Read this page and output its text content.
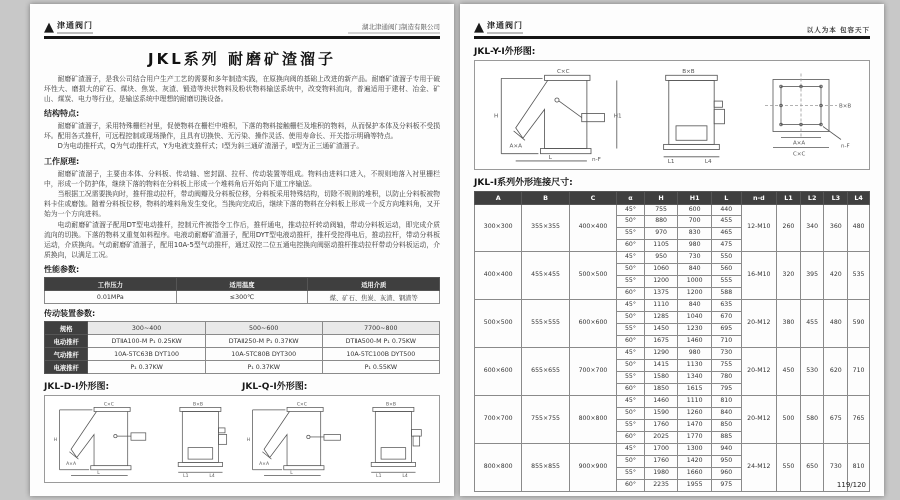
▲ 津通阀门	湖北津通阀门制造有限公司
JKL系列 耐磨矿渣溜子

耐磨矿渣溜子，是我公司结合用户生产工艺的需要和多年制造实践，在原换向阀的基础上改进的新产品。耐磨矿渣溜子专用于破坏性大、磨损大的矿石、煤块、焦炭、灰渣、锻造等块状物料及粉状物料输送系统中，改变物料流向，普遍适用于建材、冶金、矿山、煤炭、电力等行业，是输送系统中理想的耐磨切换设备。

结构特点:

耐磨矿渣溜子，采用特殊栅栏衬里，促使物料在栅栏中堆积，下落的物料接触栅栏及堆积的物料，从而保护本体及分料板不受损坏。配用各式推杆，可远程控制或现场操作，且具有切换快、无污染、操作灵活、使用寿命长、开关指示明确等特点。

D为电动推杆式，Q为气动推杆式，Y为电液支推杆式；Ⅰ型为斜三通矿渣溜子，Ⅱ型为正三通矿渣溜子。

工作原理:

耐磨矿渣溜子，主要由本体、分料板、传动轴、密封副、拉杆、传动装置等组成。物料由进料口进入，不规则地落入衬里栅栏中，形成一个防护体，继续下落的物料在分料板上形成一个堆料角后开始向下道工序输送。

当根据工况需要换向时，推杆推动拉杆，带动阀瓣及分料板位移，分料板采用特殊结构，切除不规则的堆积，以防止分料板被物料卡住或磨蚀。随着分料板位移，物料的堆料角发生变化，当换向完成后，继续下落的物料在分料板上形成一个反方向堆料角，又开始为一个方向进料。

电动耐磨矿渣溜子配用DT型电动推杆，控制元件被指令工作后，推杆通电，推动拉杆转动阀轴，带动分料板运动，即完成介质流向的切换。下落的物料又重复如料程序。电液动耐磨矿渣溜子，配用DYT型电液动推杆，推杆受控得电后，推动拉杆，带动分料板运动，介质换向。气动耐磨矿渣溜子，配用10A-5型气动推杆，通过双控二位五通电控换向阀驱动推杆推动拉杆带动分料板运动，介质换向，以满足工况。

性能参数:
工作压力	适用温度	适用介质
0.01MPa	≤300℃	煤、矿石、焦炭、灰渣、钢渣等
传动装置参数:
规格	300~400	500~600	7700~800
电动推杆	DTⅡA100-M P₁ 0.25KW	DTAⅡ250-M P₁ 0.37KW	DTⅡA500-M P₁ 0.75KW
气动推杆	10A-5TC63B DYT100	10A-5TC80B DYT300	10A-5TC100B DYT500
电液推杆	P₁ 0.37KW	P₁ 0.37KW	P₁ 0.55KW
JKL-D-Ⅰ外形图:	JKL-Q-Ⅰ外形图:
C×C
H
A×A
L
B×B
L1	L4
C×C
H
A×A
L
B×B
L1	L4
▲ 津通阀门	以人为本 包容天下
JKL-Y-Ⅰ外形图:
C×C
H	H1
A×A
L	n-F
B×B
L1	L4
B×B
A×A
C×C
n-F
JKL-Ⅰ系列外形连接尺寸:
A	B	C	α	H	H1	L	n-d	L1	L2	L3	L4
300×300	355×355	400×400	45°	755	600	440	12-M10	260	340	360	480
			50°	880	700	455					
			55°	970	830	465					
			60°	1105	980	475					
400×400	455×455	500×500	45°	950	730	550	16-M10	320	395	420	535
			50°	1060	840	560					
			55°	1200	1000	555					
			60°	1375	1200	588					
500×500	555×555	600×600	45°	1110	840	635	20-M12	380	455	480	590
			50°	1285	1040	670					
			55°	1450	1230	695					
			60°	1675	1460	710					
600×600	655×655	700×700	45°	1290	980	730	20-M12	450	530	620	710
			50°	1415	1130	755					
			55°	1580	1340	780					
			60°	1850	1615	795					
700×700	755×755	800×800	45°	1460	1110	810	20-M12	500	580	675	765
			50°	1590	1260	840					
			55°	1760	1470	850					
			60°	2025	1770	885					
800×800	855×855	900×900	45°	1700	1300	940	24-M12	550	650	730	810
			50°	1760	1420	950					
			55°	1980	1660	960					
			60°	2235	1955	975						119/120
